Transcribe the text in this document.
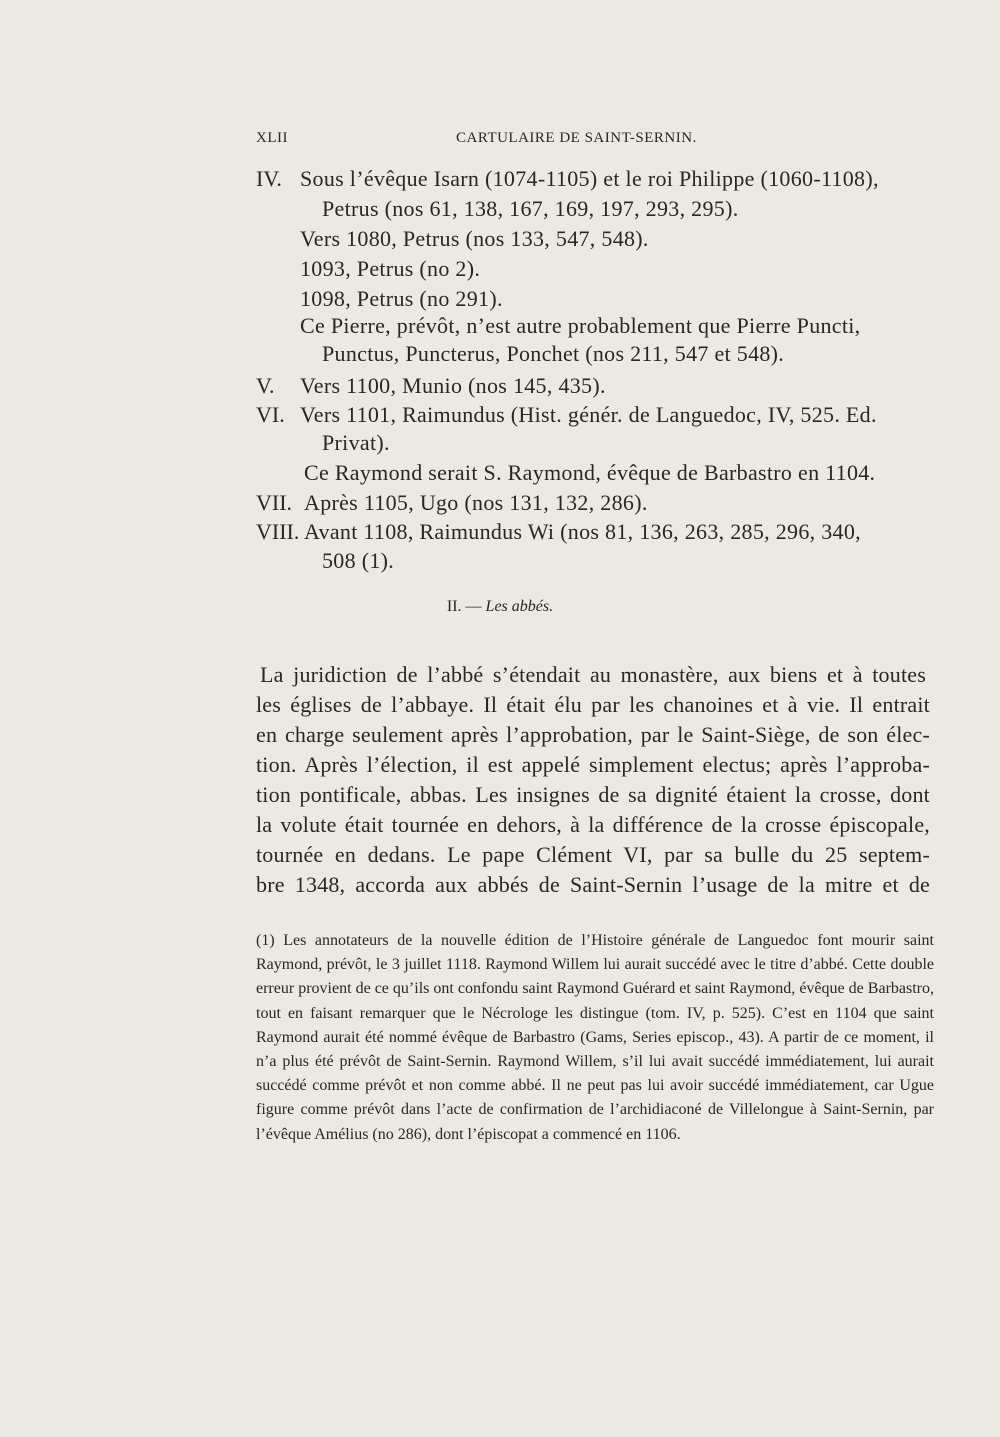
XLII	CARTULAIRE DE SAINT-SERNIN.
IV. Sous l’évêque Isarn (1074-1105) et le roi Philippe (1060-1108),
Petrus (nos 61, 138, 167, 169, 197, 293, 295).
Vers 1080, Petrus (nos 133, 547, 548).
1093, Petrus (no 2).
1098, Petrus (no 291).
Ce Pierre, prévôt, n’est autre probablement que Pierre Puncti,
Punctus, Puncterus, Ponchet (nos 211, 547 et 548).
V. Vers 1100, Munio (nos 145, 435).
VI. Vers 1101, Raimundus (Hist. génér. de Languedoc, IV, 525. Ed.
Privat).
Ce Raymond serait S. Raymond, évêque de Barbastro en 1104.
VII. Après 1105, Ugo (nos 131, 132, 286).
VIII. Avant 1108, Raimundus Wi (nos 81, 136, 263, 285, 296, 340,
508 (1).
II. — Les abbés.
La juridiction de l’abbé s’étendait au monastère, aux biens et à toutes
les églises de l’abbaye. Il était élu par les chanoines et à vie. Il entrait
en charge seulement après l’approbation, par le Saint-Siège, de son élec-
tion. Après l’élection, il est appelé simplement electus; après l’approba-
tion pontificale, abbas. Les insignes de sa dignité étaient la crosse, dont
la volute était tournée en dehors, à la différence de la crosse épiscopale,
tournée en dedans. Le pape Clément VI, par sa bulle du 25 septem-
bre 1348, accorda aux abbés de Saint-Sernin l’usage de la mitre et de
(1) Les annotateurs de la nouvelle édition de l’Histoire générale de Languedoc font mourir saint Raymond, prévôt, le 3 juillet 1118. Raymond Willem lui aurait succédé avec le titre d’abbé. Cette double erreur provient de ce qu’ils ont confondu saint Raymond Guérard et saint Raymond, évêque de Barbastro, tout en faisant remarquer que le Nécrologe les distingue (tom. IV, p. 525). C’est en 1104 que saint Raymond aurait été nommé évêque de Barbastro (Gams, Series episcop., 43). A partir de ce moment, il n’a plus été prévôt de Saint-Sernin. Raymond Willem, s’il lui avait succédé immédiatement, lui aurait succédé comme prévôt et non comme abbé. Il ne peut pas lui avoir succédé immédiatement, car Ugue figure comme prévôt dans l’acte de confirmation de l’archidiaconé de Villelongue à Saint-Sernin, par l’évêque Amélius (no 286), dont l’épiscopat a commencé en 1106.
